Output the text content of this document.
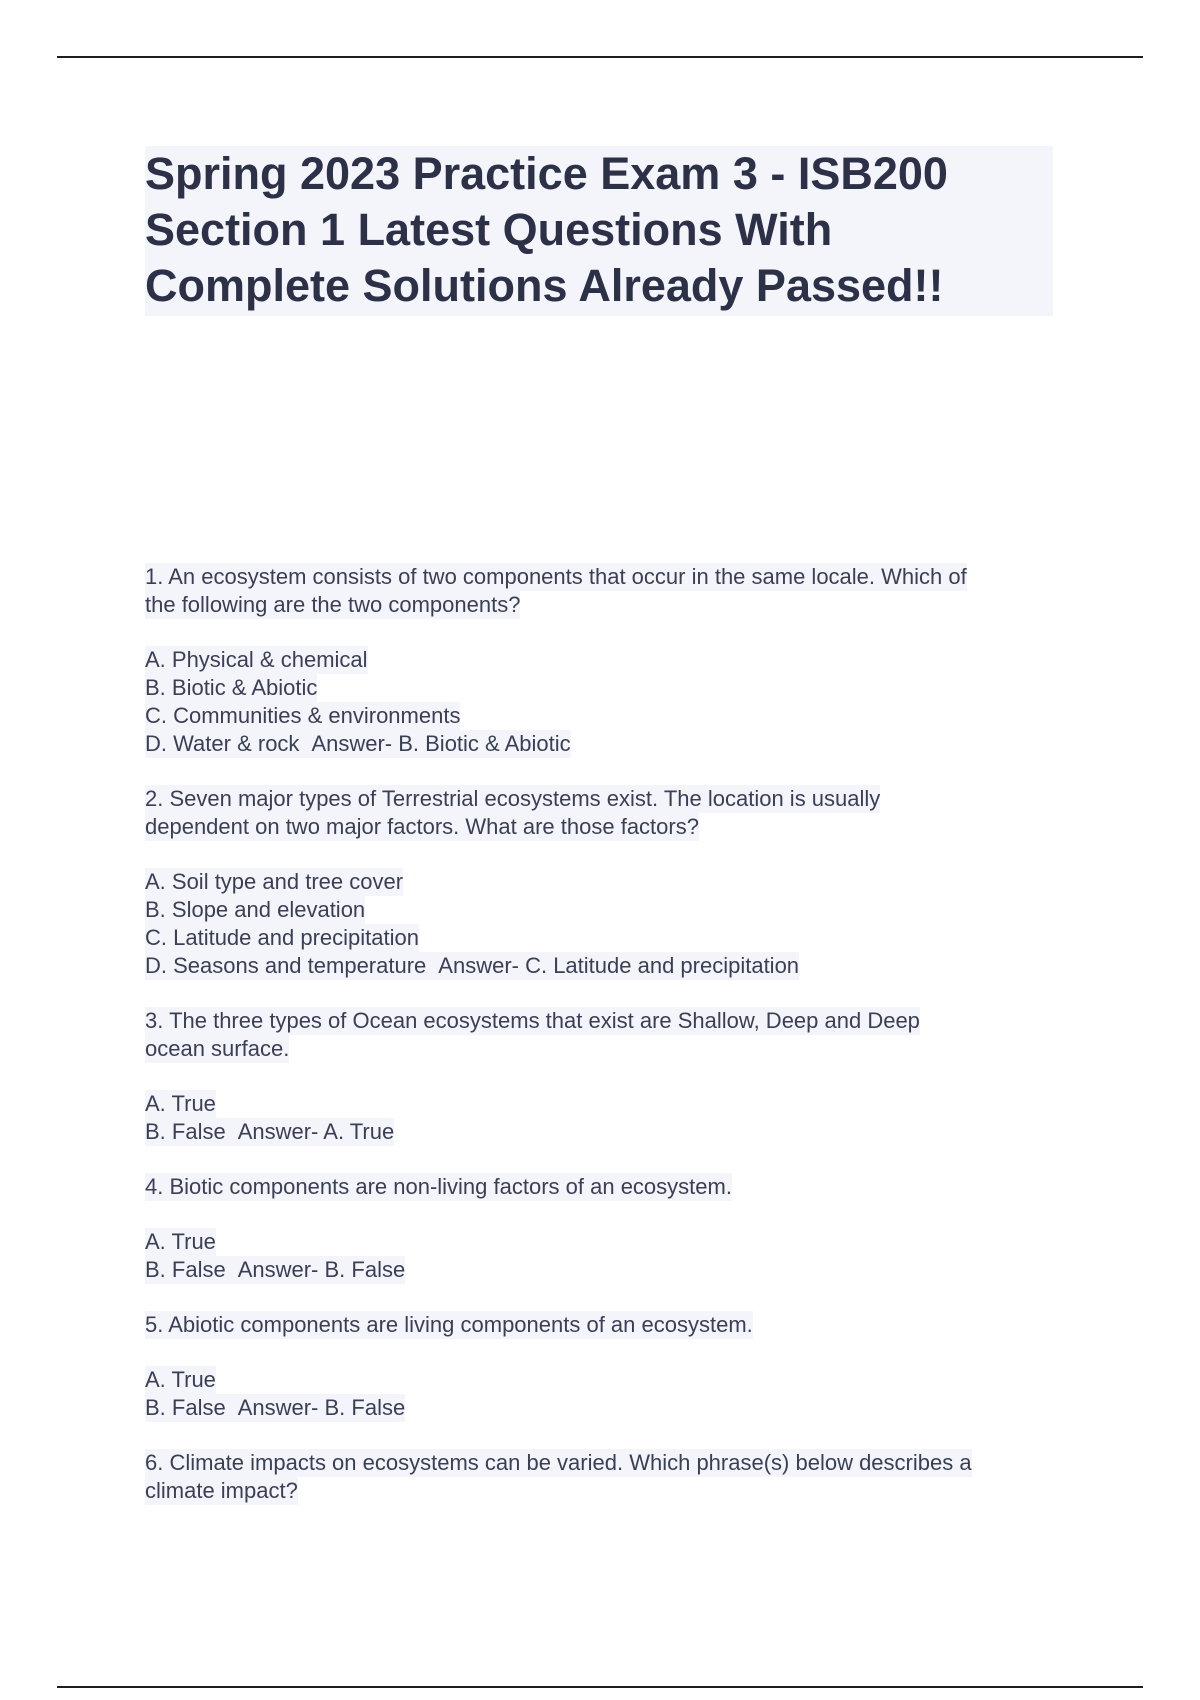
Spring 2023 Practice Exam 3 - ISB200
Section 1 Latest Questions With
Complete Solutions Already Passed!!
1. An ecosystem consists of two components that occur in the same locale. Which of
the following are the two components?
A. Physical & chemical
B. Biotic & Abiotic
C. Communities & environments
D. Water & rock Answer- B. Biotic & Abiotic
2. Seven major types of Terrestrial ecosystems exist. The location is usually
dependent on two major factors. What are those factors?
A. Soil type and tree cover
B. Slope and elevation
C. Latitude and precipitation
D. Seasons and temperature Answer- C. Latitude and precipitation
3. The three types of Ocean ecosystems that exist are Shallow, Deep and Deep
ocean surface.
A. True
B. False Answer- A. True
4. Biotic components are non-living factors of an ecosystem.
A. True
B. False Answer- B. False
5. Abiotic components are living components of an ecosystem.
A. True
B. False Answer- B. False
6. Climate impacts on ecosystems can be varied. Which phrase(s) below describes a
climate impact?
